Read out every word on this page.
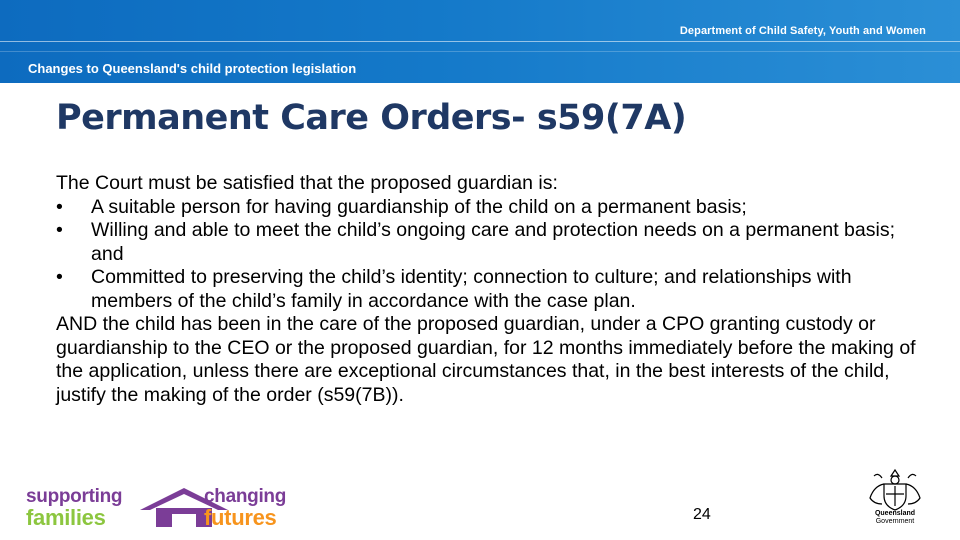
Department of Child Safety, Youth and Women
Changes to Queensland's child protection legislation
Permanent Care Orders- s59(7A)

The Court must be satisfied that the proposed guardian is:

•	A suitable person for having guardianship of the child on a permanent basis;
•	Willing and able to meet the child’s ongoing care and protection needs on a permanent basis; and
•	Committed to preserving the child’s identity; connection to culture; and relationships with members of the child’s family in accordance with the case plan.

AND the child has been in the care of the proposed guardian, under a CPO granting custody or guardianship to the CEO or the proposed guardian, for 12 months immediately before the making of the application, unless there are exceptional circumstances that, in the best interests of the child, justify the making of the order (s59(7B)).

supporting
families
changing
futures	24	Queensland
Government
